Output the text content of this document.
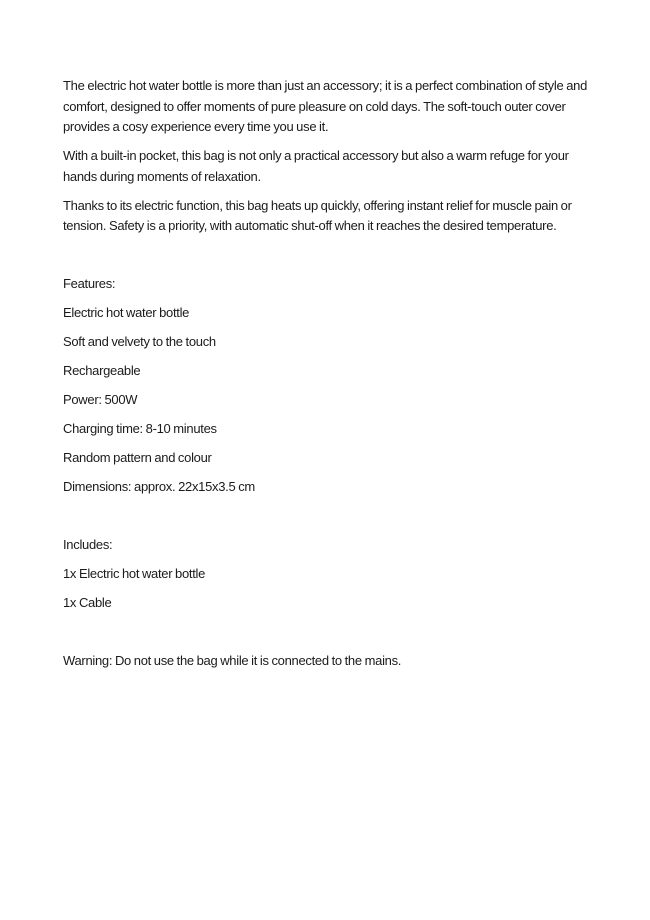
The electric hot water bottle is more than just an accessory; it is a perfect combination of style and comfort, designed to offer moments of pure pleasure on cold days. The soft-touch outer cover provides a cosy experience every time you use it.

With a built-in pocket, this bag is not only a practical accessory but also a warm refuge for your hands during moments of relaxation.

Thanks to its electric function, this bag heats up quickly, offering instant relief for muscle pain or tension. Safety is a priority, with automatic shut-off when it reaches the desired temperature.

Features:

Electric hot water bottle

Soft and velvety to the touch

Rechargeable

Power: 500W

Charging time: 8-10 minutes

Random pattern and colour

Dimensions: approx. 22x15x3.5 cm

Includes:

1x Electric hot water bottle

1x Cable

Warning: Do not use the bag while it is connected to the mains.
